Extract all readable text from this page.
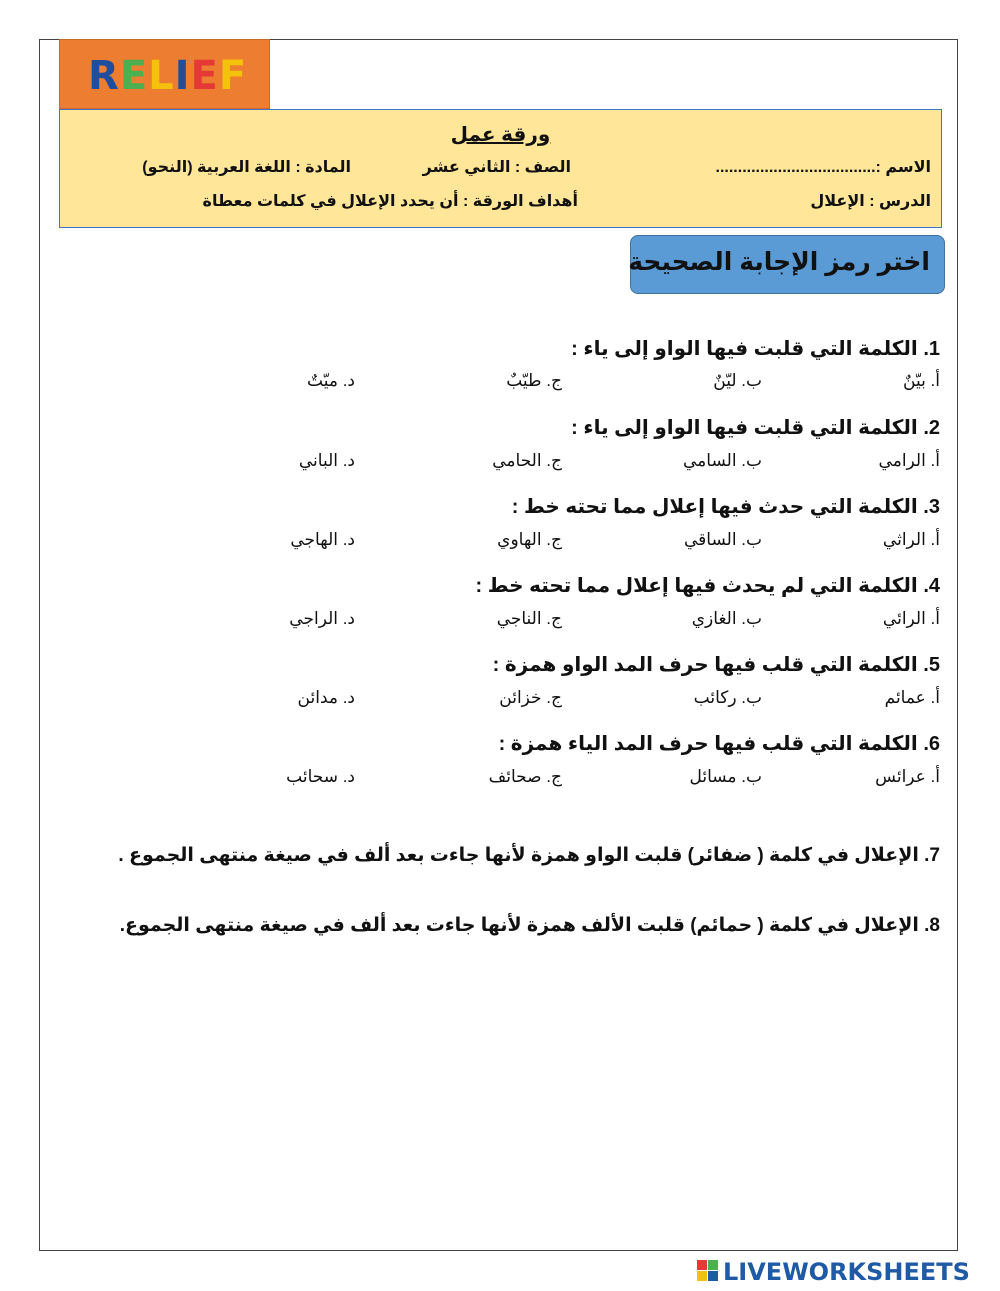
RELIEF
ورقة عمل
الاسم :....................................
الصف : الثاني عشر
المادة : اللغة العربية (النحو)
الدرس : الإعلال
أهداف الورقة : أن يحدد الإعلال في كلمات معطاة
اختر رمز الإجابة الصحيحة
1. الكلمة التي قلبت فيها الواو إلى ياء :
أ. بيّنٌ
ب. ليّنٌ
ج. طيّبٌ
د. ميّتٌ
2. الكلمة التي قلبت فيها الواو إلى ياء :
أ. الرامي
ب. السامي
ج. الحامي
د. الباني
3. الكلمة التي حدث فيها إعلال مما تحته خط :
أ. الراثي
ب. الساقي
ج. الهاوي
د. الهاجي
4. الكلمة التي لم يحدث فيها إعلال مما تحته خط :
أ. الرائي
ب. الغازي
ج. الناجي
د. الراجي
5. الكلمة التي قلب فيها حرف المد الواو همزة :
أ. عمائم
ب. ركائب
ج. خزائن
د. مدائن
6. الكلمة التي قلب فيها حرف المد الياء همزة :
أ. عرائس
ب. مسائل
ج. صحائف
د. سحائب
7. الإعلال في كلمة ( ضفائر) قلبت الواو همزة لأنها جاءت بعد ألف في صيغة منتهى الجموع .
8. الإعلال في كلمة ( حمائم) قلبت الألف همزة لأنها جاءت بعد ألف في صيغة منتهى الجموع.
LIVEWORKSHEETS
